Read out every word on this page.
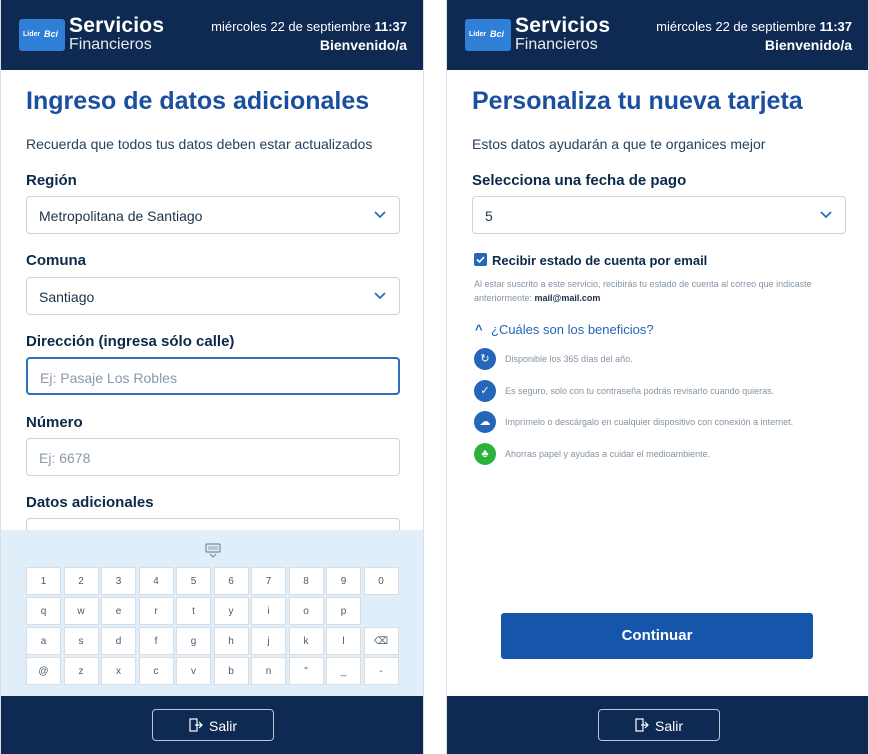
Líder Bci Servicios
Financieros
miércoles 22 de septiembre 11:37
Bienvenido/a
Ingreso de datos adicionales
Recuerda que todos tus datos deben estar actualizados
Región
Metropolitana de Santiago
Comuna
Santiago
Dirección (ingresa sólo calle)
Ej: Pasaje Los Robles
Número
Ej: 6678
Datos adicionales
1	2	3	4	5	6	7	8	9	0
q	w	e	r	t	y	i	o	p
a	s	d	f	g	h	j	k	l	⌫
@	z	x	c	v	b	n	"	_	-
Salir
Líder Bci Servicios
Financieros
miércoles 22 de septiembre 11:37
Bienvenido/a
Personaliza tu nueva tarjeta
Estos datos ayudarán a que te organices mejor
Selecciona una fecha de pago
5
Recibir estado de cuenta por email
Al estar suscrito a este servicio, recibirás tu estado de cuenta al correo que indicaste anteriormente: mail@mail.com
^ ¿Cuáles son los beneficios?
↻	Disponible los 365 días del año.
✓	Es seguro, solo con tu contraseña podrás revisarlo cuando quieras.
☁	Imprímelo o descárgalo en cualquier dispositivo con conexión a internet.
♣	Ahorras papel y ayudas a cuidar el medioambiente.
Continuar
Salir
